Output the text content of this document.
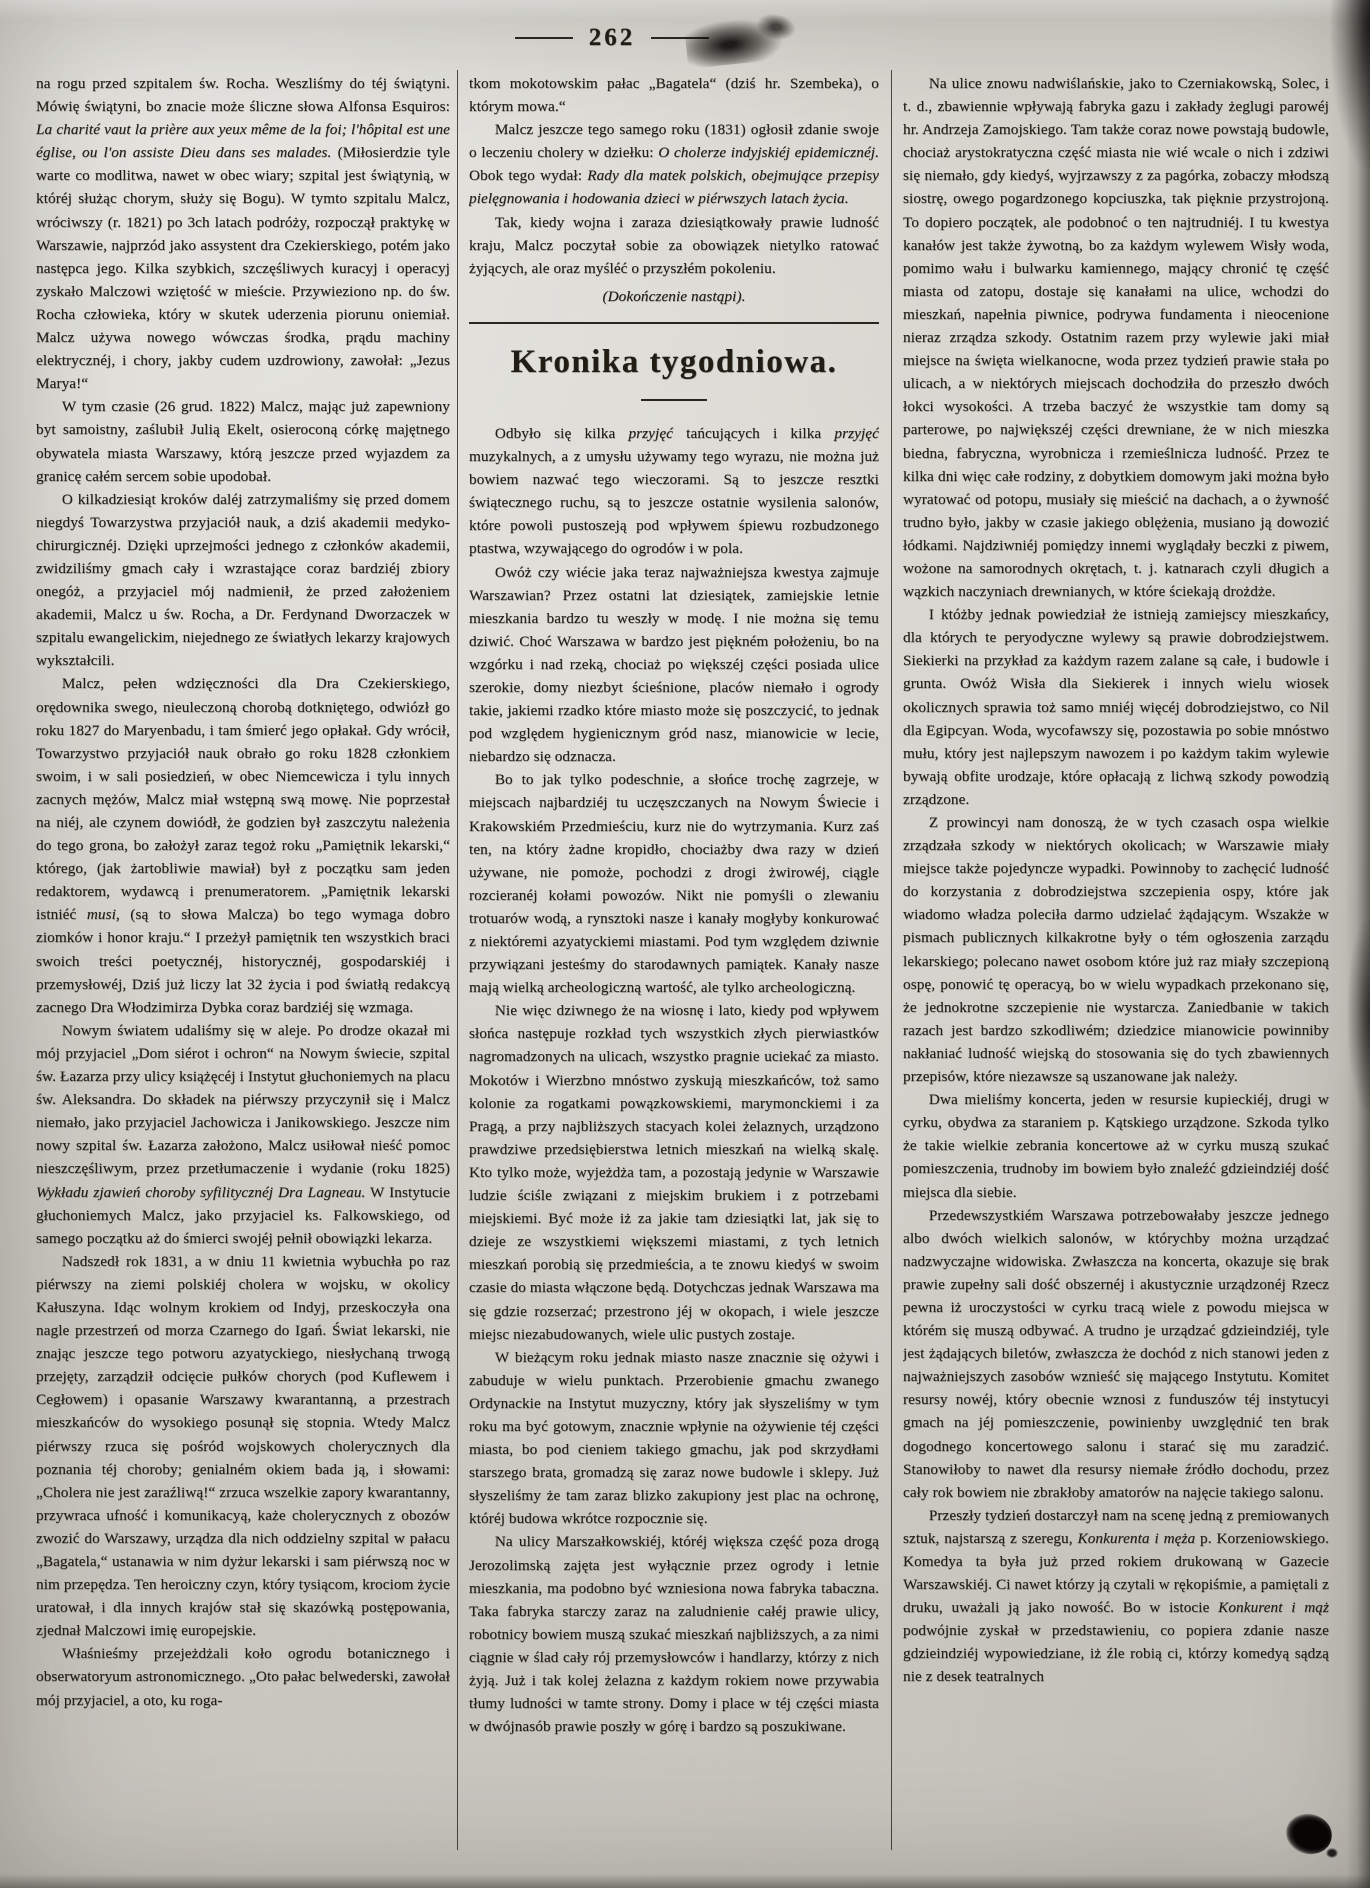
262

na rogu przed szpitalem św. Rocha. Weszliśmy do téj świątyni. Mówię świątyni, bo znacie może śliczne słowa Alfonsa Esquiros: La charité vaut la prière aux yeux même de la foi; l'hôpital est une église, ou l'on assiste Dieu dans ses malades. (Miłosierdzie tyle warte co modlitwa, nawet w obec wiary; szpital jest świątynią, w któréj służąc chorym, służy się Bogu). W tymto szpitalu Malcz, wróciwszy (r. 1821) po 3ch latach podróży, rozpoczął praktykę w Warszawie, najprzód jako assystent dra Czekierskiego, potém jako następca jego. Kilka szybkich, szczęśliwych kuracyj i operacyj zyskało Malczowi wziętość w mieście. Przywieziono np. do św. Rocha człowieka, który w skutek uderzenia piorunu oniemiał. Malcz używa nowego wówczas środka, prądu machiny elektrycznéj, i chory, jakby cudem uzdrowiony, zawołał: „Jezus Marya!“

W tym czasie (26 grud. 1822) Malcz, mając już zapewniony byt samoistny, zaślubił Julią Ekelt, osieroconą córkę majętnego obywatela miasta Warszawy, którą jeszcze przed wyjazdem za granicę całém sercem sobie upodobał.

O kilkadziesiąt kroków daléj zatrzymaliśmy się przed domem niegdyś Towarzystwa przyjaciół nauk, a dziś akademii medyko-chirurgicznéj. Dzięki uprzejmości jednego z członków akademii, zwidziliśmy gmach cały i wzrastające coraz bardziéj zbiory onegóż, a przyjaciel mój nadmienił, że przed założeniem akademii, Malcz u św. Rocha, a Dr. Ferdynand Dworzaczek w szpitalu ewangelickim, niejednego ze światłych lekarzy krajowych wykształcili.

Malcz, pełen wdzięczności dla Dra Czekierskiego, orędownika swego, nieuleczoną chorobą dotkniętego, odwiózł go roku 1827 do Maryenbadu, i tam śmierć jego opłakał. Gdy wrócił, Towarzystwo przyjaciół nauk obrało go roku 1828 członkiem swoim, i w sali posiedzień, w obec Niemcewicza i tylu innych zacnych mężów, Malcz miał wstępną swą mowę. Nie poprzestał na niéj, ale czynem dowiódł, że godzien był zaszczytu należenia do tego grona, bo założył zaraz tegoż roku „Pamiętnik lekarski,“ którego, (jak żartobliwie mawiał) był z początku sam jeden redaktorem, wydawcą i prenumeratorem. „Pamiętnik lekarski istniéć musi, (są to słowa Malcza) bo tego wymaga dobro ziomków i honor kraju.“ I przeżył pamiętnik ten wszystkich braci swoich treści poetycznéj, historycznéj, gospodarskiéj i przemysłowéj, Dziś już liczy lat 32 życia i pod światłą redakcyą zacnego Dra Włodzimirza Dybka coraz bardziéj się wzmaga.

Nowym światem udaliśmy się w aleje. Po drodze okazał mi mój przyjaciel „Dom siérot i ochron“ na Nowym świecie, szpital św. Łazarza przy ulicy książęcéj i Instytut głuchoniemych na placu św. Aleksandra. Do składek na piérwszy przyczynił się i Malcz niemało, jako przyjaciel Jachowicza i Janikowskiego. Jeszcze nim nowy szpital św. Łazarza założono, Malcz usiłował nieść pomoc nieszczęśliwym, przez przetłumaczenie i wydanie (roku 1825) Wykładu zjawień choroby syfilitycznéj Dra Lagneau. W Instytucie głuchoniemych Malcz, jako przyjaciel ks. Falkowskiego, od samego początku aż do śmierci swojéj pełnił obowiązki lekarza.

Nadszedł rok 1831, a w dniu 11 kwietnia wybuchła po raz piérwszy na ziemi polskiéj cholera w wojsku, w okolicy Kałuszyna. Idąc wolnym krokiem od Indyj, przeskoczyła ona nagle przestrzeń od morza Czarnego do Igań. Świat lekarski, nie znając jeszcze tego potworu azyatyckiego, niesłychaną trwogą przejęty, zarządził odcięcie pułków chorych (pod Kuflewem i Cegłowem) i opasanie Warszawy kwarantanną, a przestrach mieszkańców do wysokiego posunął się stopnia. Wtedy Malcz piérwszy rzuca się pośród wojskowych cholerycznych dla poznania téj choroby; genialném okiem bada ją, i słowami: „Cholera nie jest zaraźliwą!“ zrzuca wszelkie zapory kwarantanny, przywraca ufność i komunikacyą, każe cholerycznych z obozów zwozić do Warszawy, urządza dla nich oddzielny szpital w pałacu „Bagatela,“ ustanawia w nim dyżur lekarski i sam piérwszą noc w nim przepędza. Ten heroiczny czyn, który tysiącom, krociom życie uratował, i dla innych krajów stał się skazówką postępowania, zjednał Malczowi imię europejskie.

Właśnieśmy przejeżdżali koło ogrodu botanicznego i obserwatoryum astronomicznego. „Oto pałac belwederski, zawołał mój przyjaciel, a oto, ku roga-

tkom mokotowskim pałac „Bagatela“ (dziś hr. Szembeka), o którym mowa.“

Malcz jeszcze tego samego roku (1831) ogłosił zdanie swoje o leczeniu cholery w dziełku: O cholerze indyjskiéj epidemicznéj. Obok tego wydał: Rady dla matek polskich, obejmujące przepisy pielęgnowania i hodowania dzieci w piérwszych latach życia.

Tak, kiedy wojna i zaraza dziesiątkowały prawie ludność kraju, Malcz poczytał sobie za obowiązek nietylko ratować żyjących, ale oraz myśléć o przyszłém pokoleniu.

(Dokończenie nastąpi).

Kronika tygodniowa.

Odbyło się kilka przyjęć tańcujących i kilka przyjęć muzykalnych, a z umysłu używamy tego wyrazu, nie można już bowiem nazwać tego wieczorami. Są to jeszcze resztki świątecznego ruchu, są to jeszcze ostatnie wysilenia salonów, które powoli pustoszeją pod wpływem śpiewu rozbudzonego ptastwa, wzywającego do ogrodów i w pola.

Owóż czy wiécie jaka teraz najważniejsza kwestya zajmuje Warszawian? Przez ostatni lat dziesiątek, zamiejskie letnie mieszkania bardzo tu weszły w modę. I nie można się temu dziwić. Choć Warszawa w bardzo jest piękném położeniu, bo na wzgórku i nad rzeką, chociaż po większéj części posiada ulice szerokie, domy niezbyt ścieśnione, placów niemało i ogrody takie, jakiemi rzadko które miasto może się poszczycić, to jednak pod względem hygienicznym gród nasz, mianowicie w lecie, niebardzo się odznacza.

Bo to jak tylko podeschnie, a słońce trochę zagrzeje, w miejscach najbardziéj tu uczęszczanych na Nowym Świecie i Krakowskiém Przedmieściu, kurz nie do wytrzymania. Kurz zaś ten, na który żadne kropidło, chociażby dwa razy w dzień używane, nie pomoże, pochodzi z drogi żwirowéj, ciągle rozcieranéj kołami powozów. Nikt nie pomyśli o zlewaniu trotuarów wodą, a rynsztoki nasze i kanały mogłyby konkurować z niektóremi azyatyckiemi miastami. Pod tym względem dziwnie przywiązani jesteśmy do starodawnych pamiątek. Kanały nasze mają wielką archeologiczną wartość, ale tylko archeologiczną.

Nie więc dziwnego że na wiosnę i lato, kiedy pod wpływem słońca następuje rozkład tych wszystkich złych pierwiastków nagromadzonych na ulicach, wszystko pragnie uciekać za miasto. Mokotów i Wierzbno mnóstwo zyskują mieszkańców, toż samo kolonie za rogatkami powązkowskiemi, marymonckiemi i za Pragą, a przy najbliższych stacyach kolei żelaznych, urządzono prawdziwe przedsiębierstwa letnich mieszkań na wielką skalę. Kto tylko może, wyjeżdża tam, a pozostają jedynie w Warszawie ludzie ściśle związani z miejskim brukiem i z potrzebami miejskiemi. Być może iż za jakie tam dziesiątki lat, jak się to dzieje ze wszystkiemi większemi miastami, z tych letnich mieszkań porobią się przedmieścia, a te znowu kiedyś w swoim czasie do miasta włączone będą. Dotychczas jednak Warszawa ma się gdzie rozserzać; przestrono jéj w okopach, i wiele jeszcze miejsc niezabudowanych, wiele ulic pustych zostaje.

W bieżącym roku jednak miasto nasze znacznie się ożywi i zabuduje w wielu punktach. Przerobienie gmachu zwanego Ordynackie na Instytut muzyczny, który jak słyszeliśmy w tym roku ma być gotowym, znacznie wpłynie na ożywienie téj części miasta, bo pod cieniem takiego gmachu, jak pod skrzydłami starszego brata, gromadzą się zaraz nowe budowle i sklepy. Już słyszeliśmy że tam zaraz blizko zakupiony jest plac na ochronę, któréj budowa wkrótce rozpocznie się.

Na ulicy Marszałkowskiéj, któréj większa część poza drogą Jerozolimską zajęta jest wyłącznie przez ogrody i letnie mieszkania, ma podobno być wzniesiona nowa fabryka tabaczna. Taka fabryka starczy zaraz na zaludnienie całéj prawie ulicy, robotnicy bowiem muszą szukać mieszkań najbliższych, a za nimi ciągnie w ślad cały rój przemysłowców i handlarzy, którzy z nich żyją. Już i tak kolej żelazna z każdym rokiem nowe przywabia tłumy ludności w tamte strony. Domy i place w téj części miasta w dwójnasób prawie poszły w górę i bardzo są poszukiwane.

Na ulice znowu nadwiślańskie, jako to Czerniakowską, Solec, i t. d., zbawiennie wpływają fabryka gazu i zakłady żeglugi parowéj hr. Andrzeja Zamojskiego. Tam także coraz nowe powstają budowle, chociaż arystokratyczna część miasta nie wié wcale o nich i zdziwi się niemało, gdy kiedyś, wyjrzawszy z za pagórka, zobaczy młodszą siostrę, owego pogardzonego kopciuszka, tak pięknie przystrojoną. To dopiero początek, ale podobnoć o ten najtrudniéj. I tu kwestya kanałów jest także żywotną, bo za każdym wylewem Wisły woda, pomimo wału i bulwarku kamiennego, mający chronić tę część miasta od zatopu, dostaje się kanałami na ulice, wchodzi do mieszkań, napełnia piwnice, podrywa fundamenta i nieocenione nieraz zrządza szkody. Ostatnim razem przy wylewie jaki miał miejsce na święta wielkanocne, woda przez tydzień prawie stała po ulicach, a w niektórych miejscach dochodziła do przeszło dwóch łokci wysokości. A trzeba baczyć że wszystkie tam domy są parterowe, po największéj części drewniane, że w nich mieszka biedna, fabryczna, wyrobnicza i rzemieślnicza ludność. Przez te kilka dni więc całe rodziny, z dobytkiem domowym jaki można było wyratować od potopu, musiały się mieścić na dachach, a o żywność trudno było, jakby w czasie jakiego oblężenia, musiano ją dowozić łódkami. Najdziwniéj pomiędzy innemi wyglądały beczki z piwem, wożone na samorodnych okrętach, t. j. katnarach czyli długich a wązkich naczyniach drewnianych, w które ściekają drożdże.

I któżby jednak powiedział że istnieją zamiejscy mieszkańcy, dla których te peryodyczne wylewy są prawie dobrodziejstwem. Siekierki na przykład za każdym razem zalane są całe, i budowle i grunta. Owóż Wisła dla Siekierek i innych wielu wiosek okolicznych sprawia toż samo mniéj więcéj dobrodziejstwo, co Nil dla Egipcyan. Woda, wycofawszy się, pozostawia po sobie mnóstwo mułu, który jest najlepszym nawozem i po każdym takim wylewie bywają obfite urodzaje, które opłacają z lichwą szkody powodzią zrządzone.

Z prowincyi nam donoszą, że w tych czasach ospa wielkie zrządzała szkody w niektórych okolicach; w Warszawie miały miejsce także pojedyncze wypadki. Powinnoby to zachęcić ludność do korzystania z dobrodziejstwa szczepienia ospy, które jak wiadomo władza poleciła darmo udzielać żądającym. Wszakże w pismach publicznych kilkakrotne były o tém ogłoszenia zarządu lekarskiego; polecano nawet osobom które już raz miały szczepioną ospę, ponowić tę operacyą, bo w wielu wypadkach przekonano się, że jednokrotne szczepienie nie wystarcza. Zaniedbanie w takich razach jest bardzo szkodliwém; dziedzice mianowicie powinniby nakłaniać ludność wiejską do stosowania się do tych zbawiennych przepisów, które niezawsze są uszanowane jak należy.

Dwa mieliśmy koncerta, jeden w resursie kupieckiéj, drugi w cyrku, obydwa za staraniem p. Kątskiego urządzone. Szkoda tylko że takie wielkie zebrania koncertowe aż w cyrku muszą szukać pomieszczenia, trudnoby im bowiem było znaleźć gdzieindziéj dość miejsca dla siebie.

Przedewszystkiém Warszawa potrzebowałaby jeszcze jednego albo dwóch wielkich salonów, w którychby można urządzać nadzwyczajne widowiska. Zwłaszcza na koncerta, okazuje się brak prawie zupełny sali dość obszernéj i akustycznie urządzonéj Rzecz pewna iż uroczystości w cyrku tracą wiele z powodu miejsca w którém się muszą odbywać. A trudno je urządzać gdzieindziéj, tyle jest żądających biletów, zwłaszcza że dochód z nich stanowi jeden z najważniejszych zasobów wznieść się mającego Instytutu. Komitet resursy nowéj, który obecnie wznosi z funduszów téj instytucyi gmach na jéj pomieszczenie, powinienby uwzględnić ten brak dogodnego koncertowego salonu i starać się mu zaradzić. Stanowiłoby to nawet dla resursy niemałe źródło dochodu, przez cały rok bowiem nie zbrakłoby amatorów na najęcie takiego salonu.

Przeszły tydzień dostarczył nam na scenę jedną z premiowanych sztuk, najstarszą z szeregu, Konkurenta i męża p. Korzeniowskiego. Komedya ta była już przed rokiem drukowaną w Gazecie Warszawskiéj. Ci nawet którzy ją czytali w rękopiśmie, a pamiętali z druku, uważali ją jako nowość. Bo w istocie Konkurent i mąż podwójnie zyskał w przedstawieniu, co popiera zdanie nasze gdzieindziéj wypowiedziane, iż źle robią ci, którzy komedyą sądzą nie z desek teatralnych
